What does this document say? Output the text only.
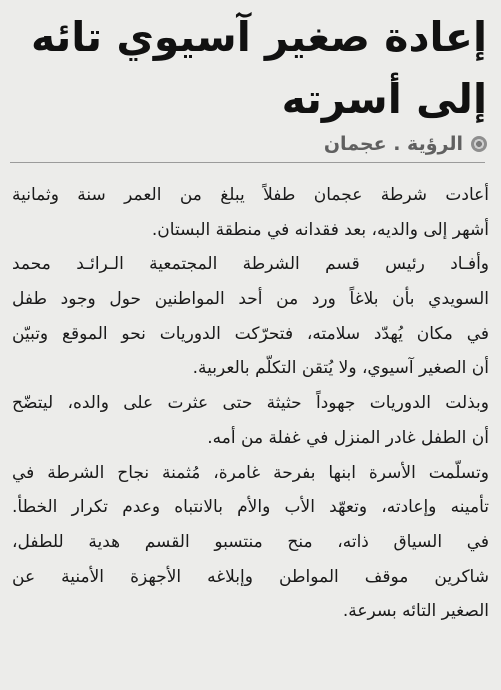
إعادة صغير آسيوي تائه
إلى أسرته
الرؤية . عجمان
أعادت شرطة عجمان طفلاً يبلغ من العمر سنة وثمانية
أشهر إلى والديه، بعد فقدانه في منطقة البستان.
وأفـاد رئيس قسم الشرطة المجتمعية الـرائـد محمد
السويدي بأن بلاغاً ورد من أحد المواطنين حول وجود طفل
في مكان يُهدّد سلامته، فتحرّكت الدوريات نحو الموقع وتبيّن
أن الصغير آسيوي، ولا يُتقن التكلّم بالعربية.
وبذلت الدوريات جهوداً حثيثة حتى عثرت على والده، ليتضّح
أن الطفل غادر المنزل في غفلة من أمه.
وتسلّمت الأسرة ابنها بفرحة غامرة، مُثمنة نجاح الشرطة في
تأمينه وإعادته، وتعهّد الأب والأم بالانتباه وعدم تكرار الخطأ.
في السياق ذاته، منح منتسبو القسم هدية للطفل،
شاكرين موقف المواطن وإبلاغه الأجهزة الأمنية عن
الصغير التائه بسرعة.
